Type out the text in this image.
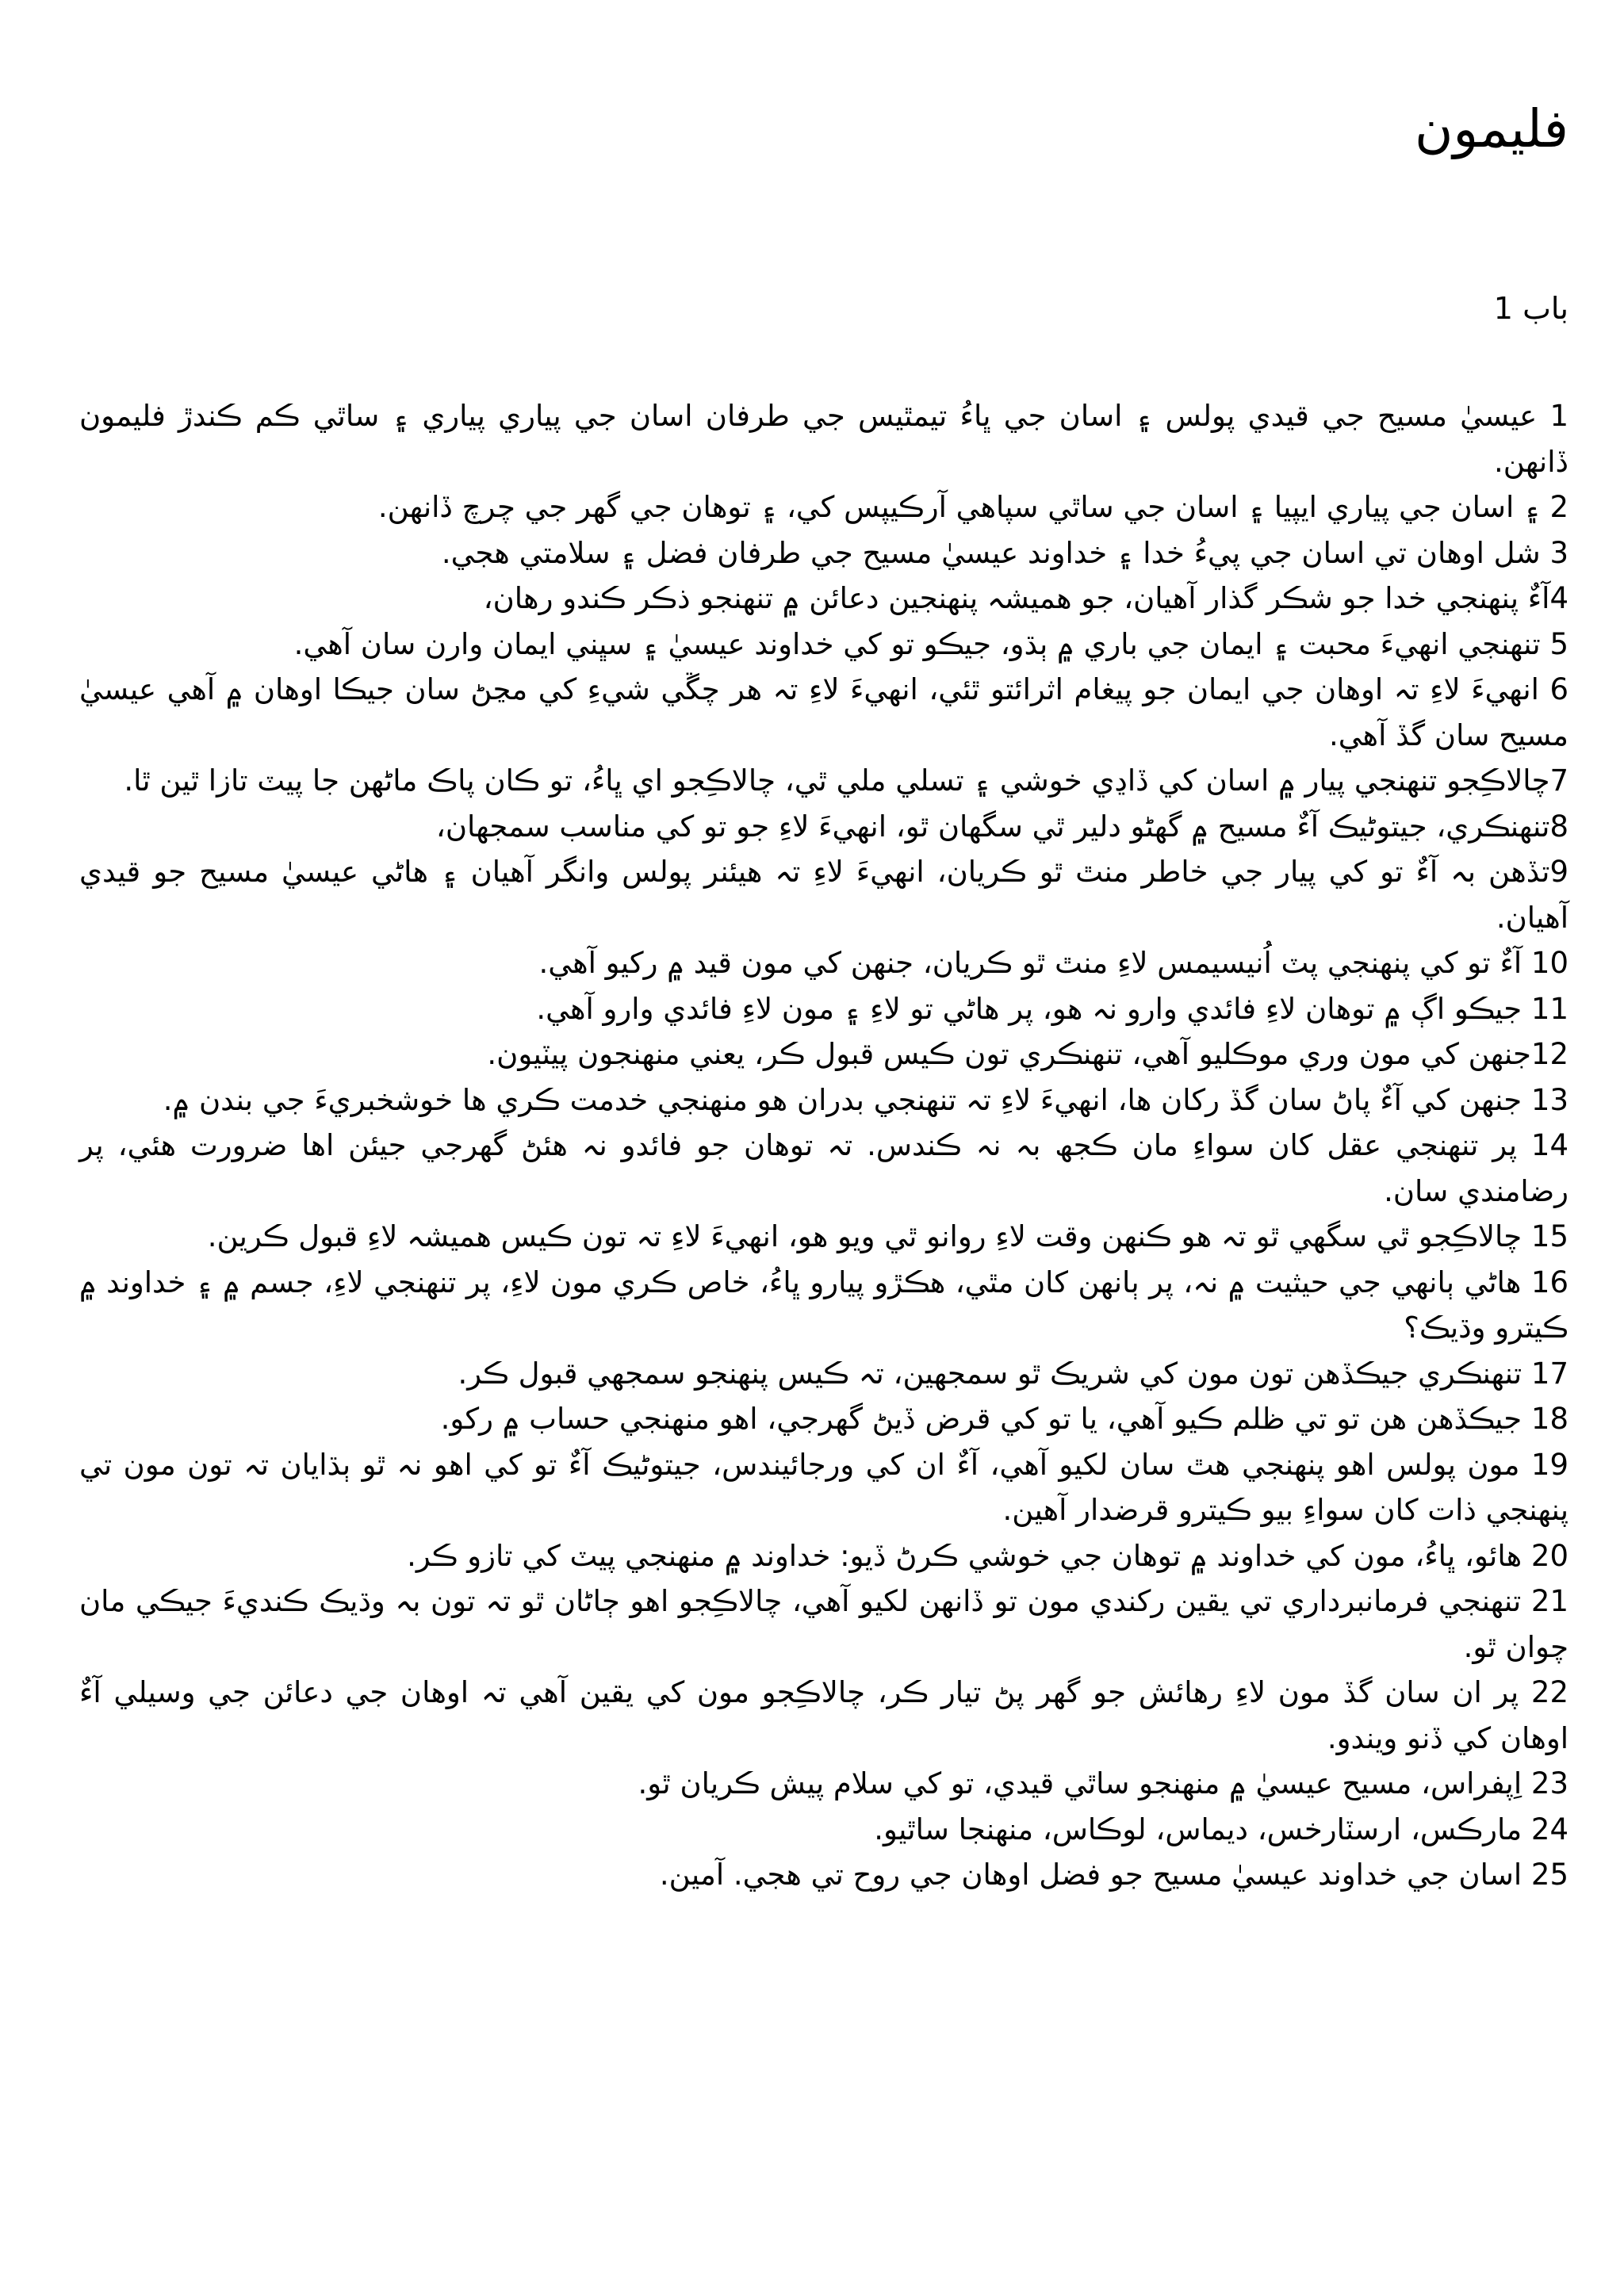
فليمون
باب 1

1 عيسيٰ مسيح جي قيدي پولس ۽ اسان جي ڀاءُ تيمٿيس جي طرفان اسان جي پياري پياري ۽ ساٿي ڪم ڪندڙ فليمون ڏانهن.

2 ۽ اسان جي پياري ايپيا ۽ اسان جي ساٿي سپاهي آرڪيپس کي، ۽ توهان جي گهر جي چرچ ڏانهن.

3 شل اوهان تي اسان جي پيءُ خدا ۽ خداوند عيسيٰ مسيح جي طرفان فضل ۽ سلامتي هجي.

4آءٌ پنهنجي خدا جو شڪر گذار آهيان، جو هميشہ پنهنجين دعائن ۾ تنهنجو ذڪر ڪندو رهان،

5 تنهنجي انهيءَ محبت ۽ ايمان جي باري ۾ ٻڌو، جيڪو تو کي خداوند عيسيٰ ۽ سڀني ايمان وارن سان آهي.

6 انهيءَ لاءِ تہ اوهان جي ايمان جو پيغام اثرائتو ٿئي، انهيءَ لاءِ تہ هر چڱي شيءِ کي مڃڻ سان جيڪا اوهان ۾ آهي عيسيٰ مسيح سان گڏ آهي.

7چالاڪِجو تنهنجي پيار ۾ اسان کي ڏاڍي خوشي ۽ تسلي ملي ٿي، چالاڪِجو اي ڀاءُ، تو ڪان پاڪ ماڻهن جا پيٽ تازا ٿين ٿا.

8تنهنڪري، جيتوڻيڪ آءٌ مسيح ۾ گهڻو دلير ٿي سگهان ٿو، انهيءَ لاءِ جو تو کي مناسب سمجهان،

9تڏهن بہ آءٌ تو کي پيار جي خاطر منٿ ٿو ڪريان، انهيءَ لاءِ تہ هيئنر پولس وانگر آهيان ۽ هاڻي عيسيٰ مسيح جو قيدي آهيان.

10 آءٌ تو کي پنهنجي پٽ اُنيسيمس لاءِ منٿ ٿو ڪريان، جنهن کي مون قيد ۾ رکيو آهي.

11 جيڪو اڳ ۾ توهان لاءِ فائدي وارو نہ هو، پر هاڻي تو لاءِ ۽ مون لاءِ فائدي وارو آهي.

12جنهن کي مون وري موڪليو آهي، تنهنڪري تون ڪيس قبول ڪر، يعني منهنجون پيٽيون.

13 جنهن کي آءٌ پاڻ سان گڏ رکان ها، انهيءَ لاءِ تہ تنهنجي بدران هو منهنجي خدمت ڪري ها خوشخبريءَ جي بندن ۾.

14 پر تنهنجي عقل کان سواءِ مان ڪجھ بہ نہ ڪندس. تہ توهان جو فائدو نہ هئڻ گهرجي جيئن اها ضرورت هئي، پر رضامندي سان.

15 چالاڪِجو ٿي سگهي ٿو تہ هو ڪنهن وقت لاءِ روانو ٿي ويو هو، انهيءَ لاءِ تہ تون ڪيس هميشہ لاءِ قبول ڪرين.

16 هاڻي ٻانهي جي حيثيت ۾ نہ، پر ٻانهن کان مٿي، هڪڙو پيارو ڀاءُ، خاص ڪري مون لاءِ، پر تنهنجي لاءِ، جسم ۾ ۽ خداوند ۾ ڪيترو وڌيڪ؟

17 تنهنڪري جيڪڏهن تون مون کي شريڪ ٿو سمجهين، تہ ڪيس پنهنجو سمجهي قبول ڪر.

18 جيڪڏهن هن تو تي ظلم ڪيو آهي، يا تو کي قرض ڏيڻ گهرجي، اهو منهنجي حساب ۾ رکو.

19 مون پولس اهو پنهنجي هٿ سان لکيو آهي، آءٌ ان کي ورجائيندس، جيتوڻيڪ آءٌ تو کي اهو نہ ٿو ٻڌايان تہ تون مون تي پنهنجي ذات کان سواءِ بيو ڪيترو قرضدار آهين.

20 هائو، ڀاءُ، مون کي خداوند ۾ توهان جي خوشي ڪرڻ ڏيو: خداوند ۾ منهنجي پيٽ کي تازو ڪر.

21 تنهنجي فرمانبرداري تي يقين رکندي مون تو ڏانهن لکيو آهي، چالاڪِجو اهو ڄاڻان ٿو تہ تون بہ وڌيڪ ڪنديءَ جيڪي مان چوان ٿو.

22 پر ان سان گڏ مون لاءِ رهائش جو گهر پڻ تيار ڪر، چالاڪِجو مون کي يقين آهي تہ اوهان جي دعائن جي وسيلي آءٌ اوهان کي ڏنو ويندو.

23 اِپفراس، مسيح عيسيٰ ۾ منهنجو ساٿي قيدي، تو کي سلام پيش ڪريان ٿو.

24 مارڪس، ارسٽارخس، ديماس، لوڪاس، منهنجا ساٿيو.

25 اسان جي خداوند عيسيٰ مسيح جو فضل اوهان جي روح تي هجي. آمين.
